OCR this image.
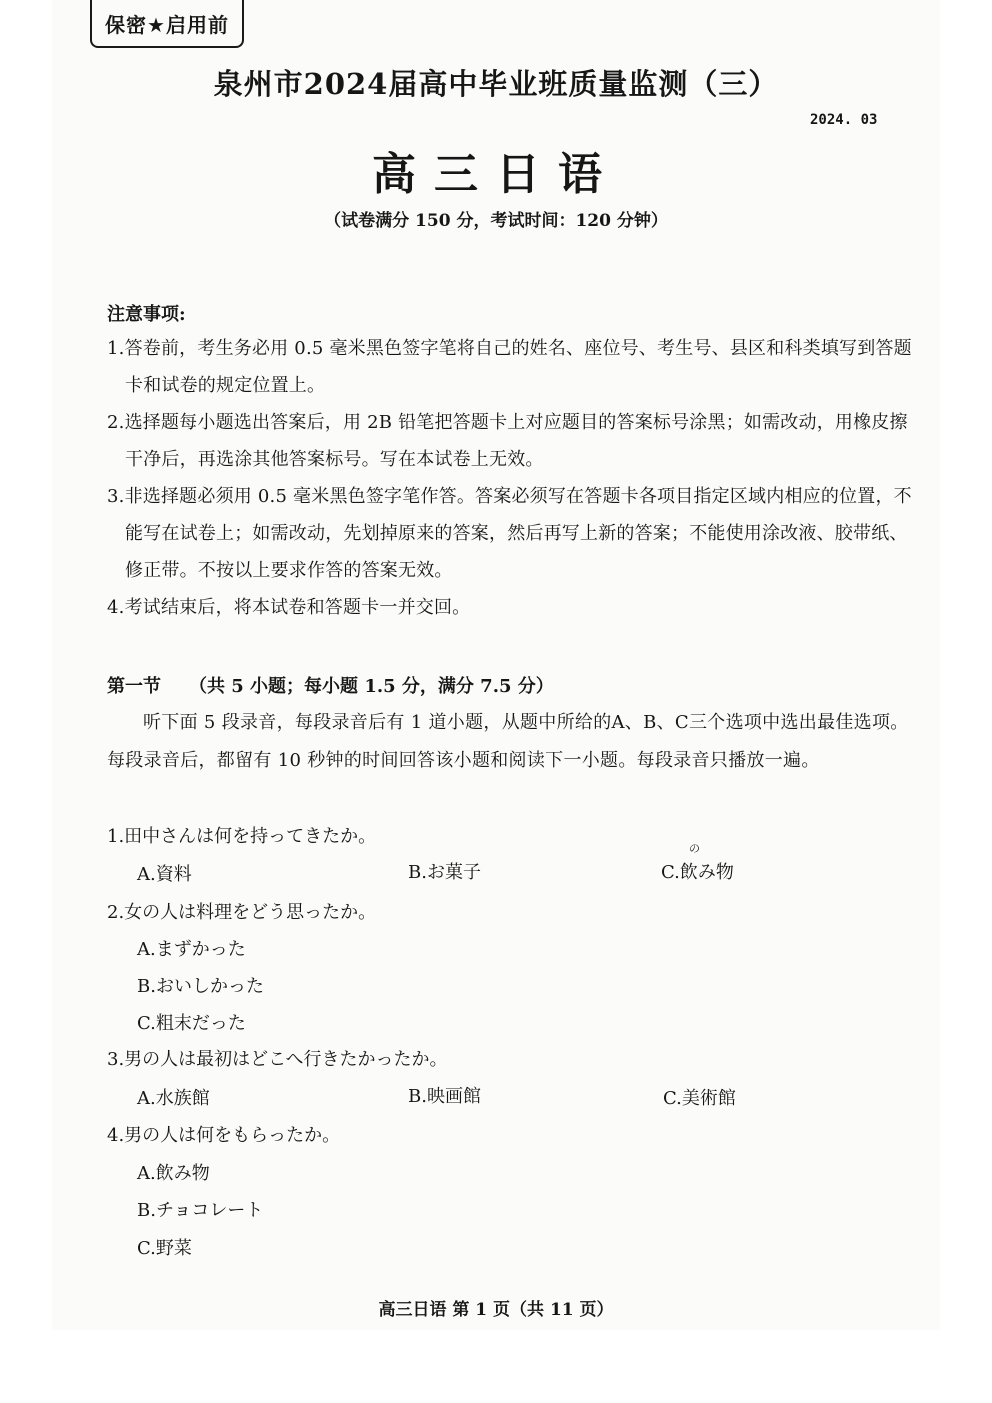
保密★启用前
泉州市2024届高中毕业班质量监测（三）
2024. 03
高三日语
（试卷满分 150 分，考试时间：120 分钟）
注意事项:
1.答卷前，考生务必用 0.5 毫米黑色签字笔将自己的姓名、座位号、考生号、县区和科类填写到答题卡和试卷的规定位置上。
2.选择题每小题选出答案后，用 2B 铅笔把答题卡上对应题目的答案标号涂黑；如需改动，用橡皮擦干净后，再选涂其他答案标号。写在本试卷上无效。
3.非选择题必须用 0.5 毫米黑色签字笔作答。答案必须写在答题卡各项目指定区域内相应的位置，不能写在试卷上；如需改动，先划掉原来的答案，然后再写上新的答案；不能使用涂改液、胶带纸、修正带。不按以上要求作答的答案无效。
4.考试结束后，将本试卷和答题卡一并交回。
第一节 （共 5 小题；每小题 1.5 分，满分 7.5 分）
听下面 5 段录音，每段录音后有 1 道小题，从题中所给的A、B、C三个选项中选出最佳选项。每段录音后，都留有 10 秒钟的时间回答该小题和阅读下一小题。每段录音只播放一遍。
1.田中さんは何を持ってきたか。
A.資料	B.お菓子
の
C.飲み物
2.女の人は料理をどう思ったか。
A.まずかった
B.おいしかった
C.粗末だった
3.男の人は最初はどこへ行きたかったか。
A.水族館	B.映画館	C.美術館
4.男の人は何をもらったか。
A.飲み物
B.チョコレート
C.野菜
高三日语 第 1 页（共 11 页）
